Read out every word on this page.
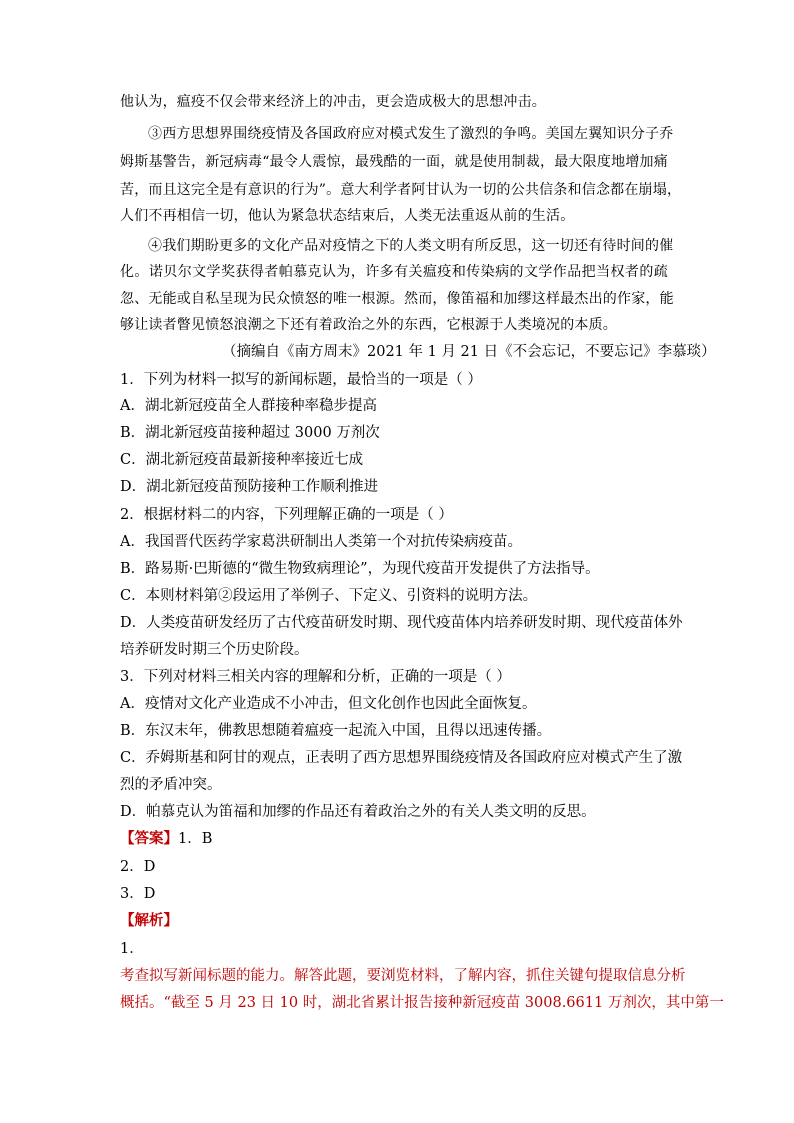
他认为，瘟疫不仅会带来经济上的冲击，更会造成极大的思想冲击。
③西方思想界围绕疫情及各国政府应对模式发生了激烈的争鸣。美国左翼知识分子乔
姆斯基警告，新冠病毒“最令人震惊，最残酷的一面，就是使用制裁，最大限度地增加痛
苦，而且这完全是有意识的行为”。意大利学者阿甘认为一切的公共信条和信念都在崩塌，
人们不再相信一切，他认为紧急状态结束后，人类无法重返从前的生活。
④我们期盼更多的文化产品对疫情之下的人类文明有所反思，这一切还有待时间的催
化。诺贝尔文学奖获得者帕慕克认为，许多有关瘟疫和传染病的文学作品把当权者的疏
忽、无能或自私呈现为民众愤怒的唯一根源。然而，像笛福和加缪这样最杰出的作家，能
够让读者瞥见愤怒浪潮之下还有着政治之外的东西，它根源于人类境况的本质。
（摘编自《南方周末》2021 年 1 月 21 日《不会忘记，不要忘记》李慕琰）
1．下列为材料一拟写的新闻标题，最恰当的一项是（ ）
A．湖北新冠疫苗全人群接种率稳步提高
B．湖北新冠疫苗接种超过 3000 万剂次
C．湖北新冠疫苗最新接种率接近七成
D．湖北新冠疫苗预防接种工作顺利推进
2．根据材料二的内容，下列理解正确的一项是（ ）
A．我国晋代医药学家葛洪研制出人类第一个对抗传染病疫苗。
B．路易斯·巴斯德的“微生物致病理论”，为现代疫苗开发提供了方法指导。
C．本则材料第②段运用了举例子、下定义、引资料的说明方法。
D．人类疫苗研发经历了古代疫苗研发时期、现代疫苗体内培养研发时期、现代疫苗体外
培养研发时期三个历史阶段。
3．下列对材料三相关内容的理解和分析，正确的一项是（ ）
A．疫情对文化产业造成不小冲击，但文化创作也因此全面恢复。
B．东汉末年，佛教思想随着瘟疫一起流入中国，且得以迅速传播。
C．乔姆斯基和阿甘的观点，正表明了西方思想界围绕疫情及各国政府应对模式产生了激
烈的矛盾冲突。
D．帕慕克认为笛福和加缪的作品还有着政治之外的有关人类文明的反思。
【答案】1．B
2．D
3．D
【解析】
1．
考查拟写新闻标题的能力。解答此题，要浏览材料，了解内容，抓住关键句提取信息分析
概括。“截至 5 月 23 日 10 时，湖北省累计报告接种新冠疫苗 3008.6611 万剂次，其中第一
